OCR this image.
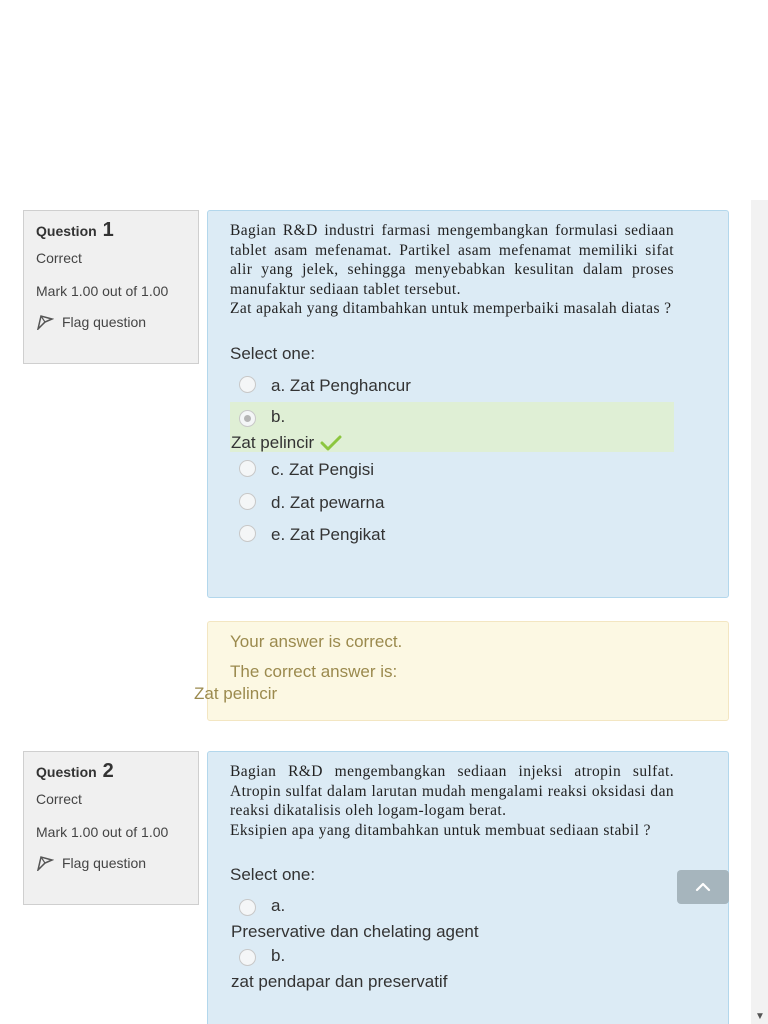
Question 1
Correct
Mark 1.00 out of 1.00
Flag question
Bagian R&D industri farmasi mengembangkan formulasi sediaan tablet asam mefenamat. Partikel asam mefenamat memiliki sifat alir yang jelek, sehingga menyebabkan kesulitan dalam proses manufaktur sediaan tablet tersebut.
Zat apakah yang ditambahkan untuk memperbaiki masalah diatas ?
Select one:
a. Zat Penghancur
b.
Zat pelincir
c. Zat Pengisi
d. Zat pewarna
e. Zat Pengikat
Your answer is correct.
The correct answer is:
Zat pelincir
Question 2
Correct
Mark 1.00 out of 1.00
Flag question
Bagian R&D mengembangkan sediaan injeksi atropin sulfat. Atropin sulfat dalam larutan mudah mengalami reaksi oksidasi dan reaksi dikatalisis oleh logam-logam berat.
Eksipien apa yang ditambahkan untuk membuat sediaan stabil ?
Select one:
a.
Preservative dan chelating agent
b.
zat pendapar dan preservatif
▼
